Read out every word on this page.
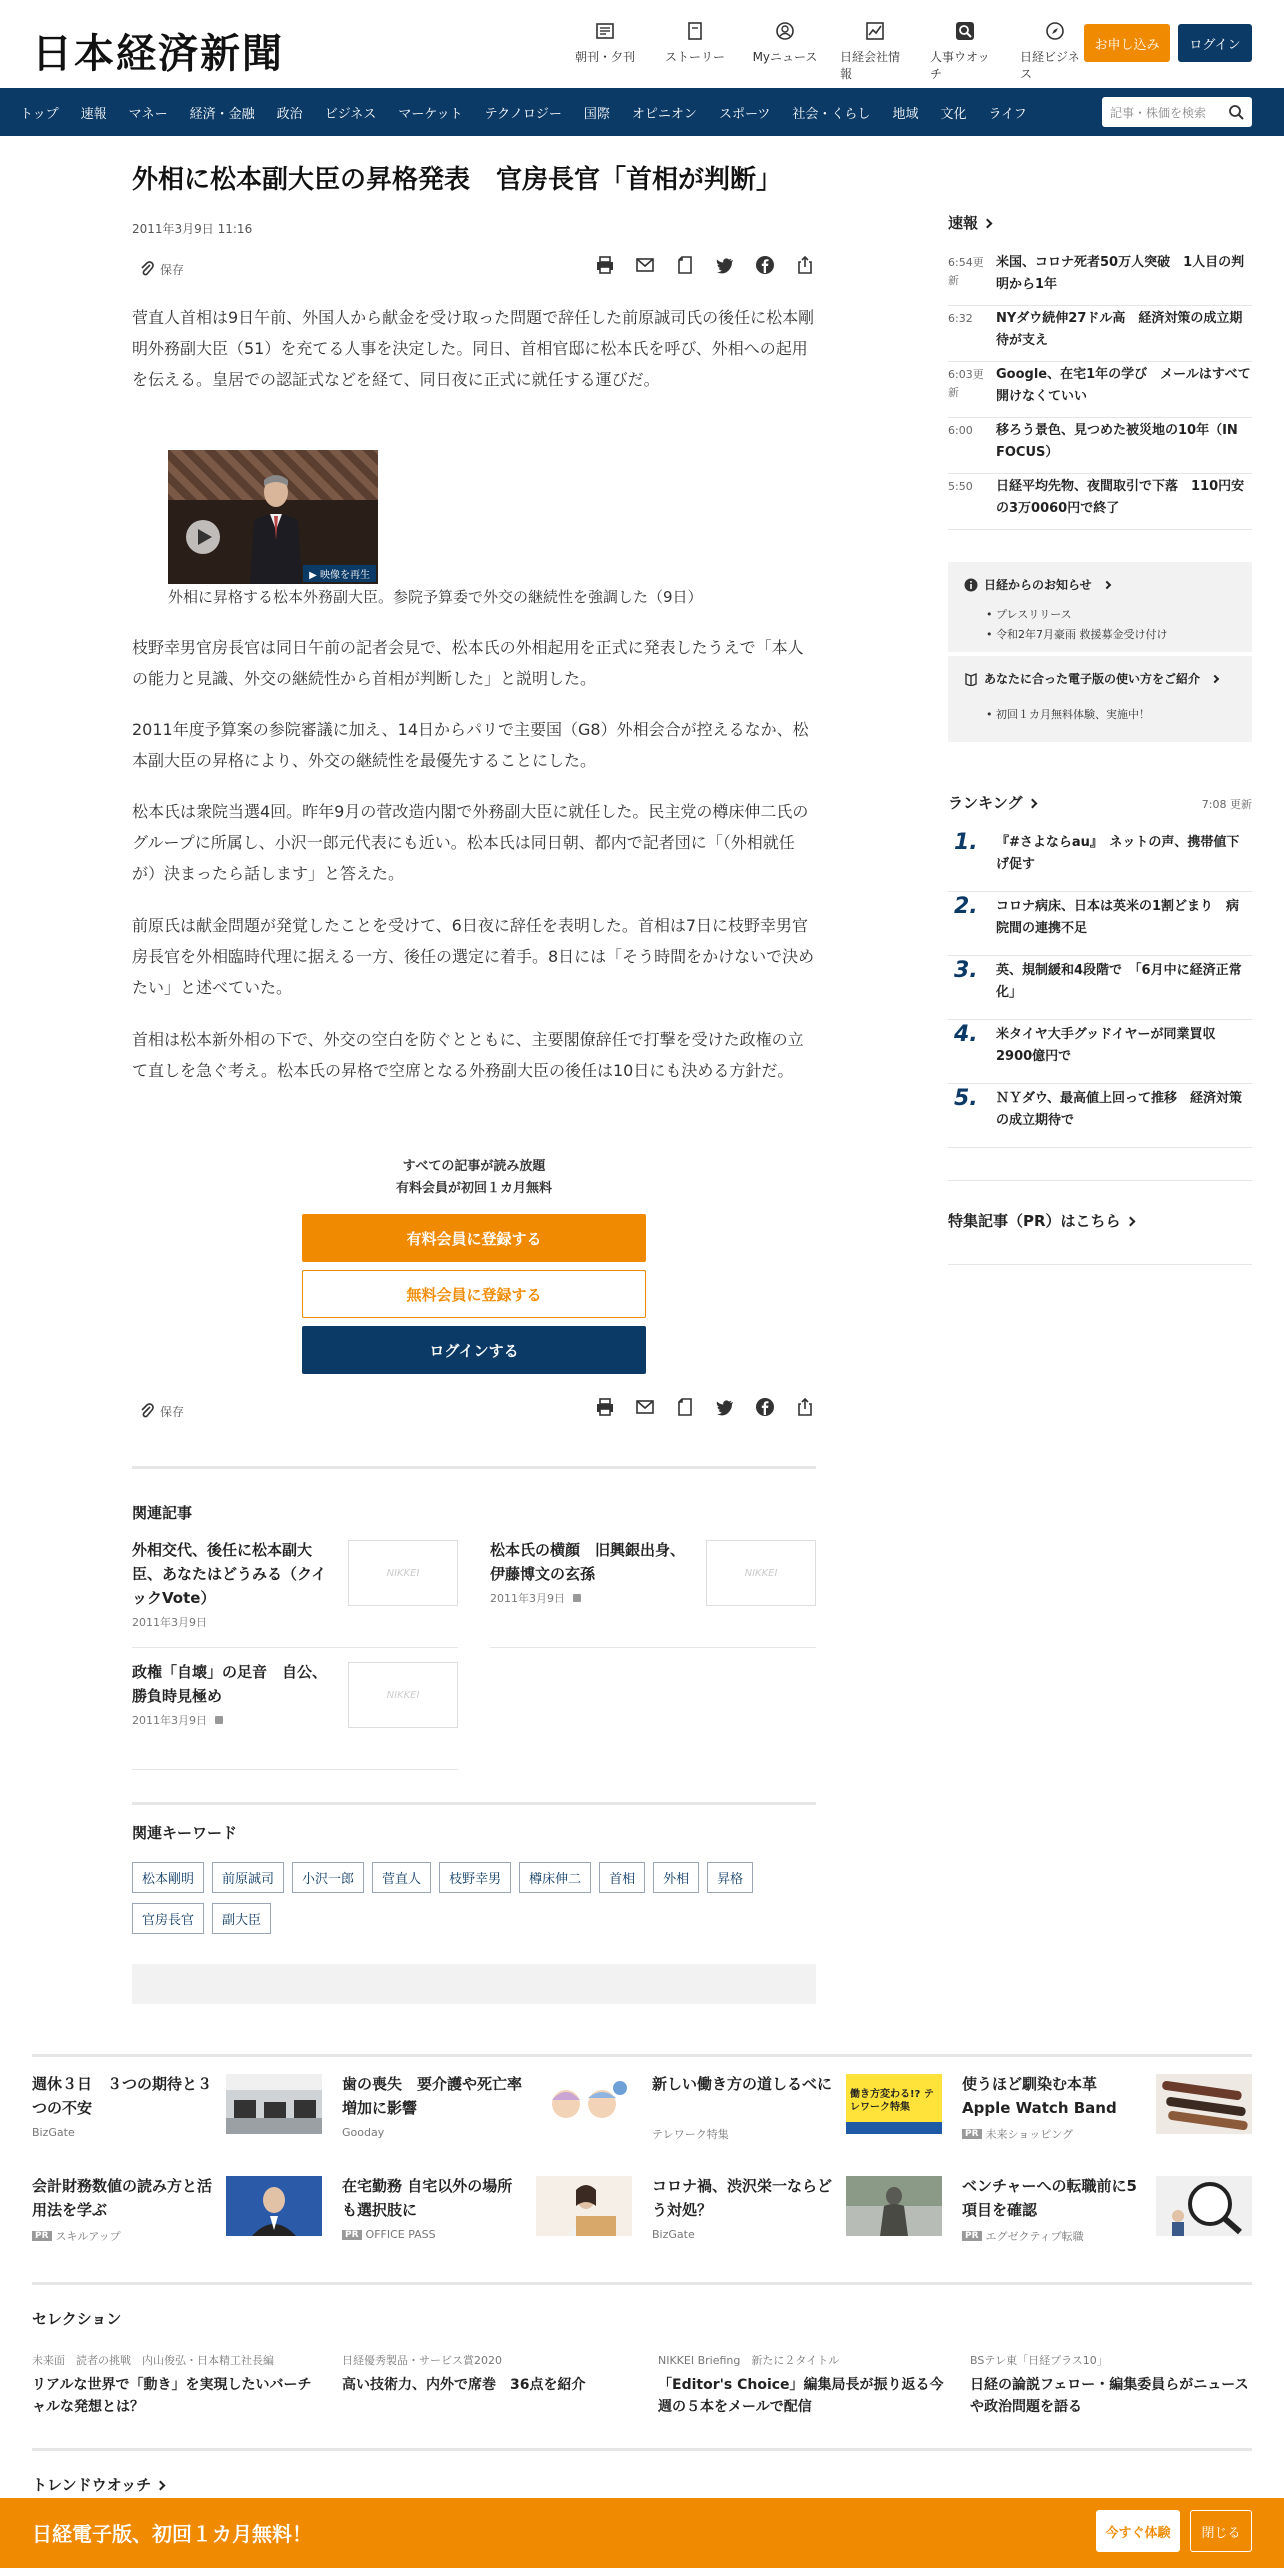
日本経済新聞	朝刊・夕刊 ストーリー Myニュース 日経会社情報
人事ウオッチ
日経ビジネス
お申し込み	ログイン
トップ 速報 マネー 経済・金融 政治 ビジネス マーケット テクノロジー 国際 オピニオン スポーツ 社会・くらし 地域 文化 ライフ	記事・株価を検索
外相に松本副大臣の昇格発表　官房長官「首相が判断」
2011年3月9日 11:16
保存

菅直人首相は9日午前、外国人から献金を受け取った問題で辞任した前原誠司氏の後任に松本剛明外務副大臣（51）を充てる人事を決定した。同日、首相官邸に松本氏を呼び、外相への起用を伝える。皇居での認証式などを経て、同日夜に正式に就任する運びだ。

▶ 映像を再生
外相に昇格する松本外務副大臣。参院予算委で外交の継続性を強調した（9日）

枝野幸男官房長官は同日午前の記者会見で、松本氏の外相起用を正式に発表したうえで「本人の能力と見識、外交の継続性から首相が判断した」と説明した。

2011年度予算案の参院審議に加え、14日からパリで主要国（G8）外相会合が控えるなか、松本副大臣の昇格により、外交の継続性を最優先することにした。

松本氏は衆院当選4回。昨年9月の菅改造内閣で外務副大臣に就任した。民主党の樽床伸二氏のグループに所属し、小沢一郎元代表にも近い。松本氏は同日朝、都内で記者団に「（外相就任が）決まったら話します」と答えた。

前原氏は献金問題が発覚したことを受けて、6日夜に辞任を表明した。首相は7日に枝野幸男官房長官を外相臨時代理に据える一方、後任の選定に着手。8日には「そう時間をかけないで決めたい」と述べていた。

首相は松本新外相の下で、外交の空白を防ぐとともに、主要閣僚辞任で打撃を受けた政権の立て直しを急ぐ考え。松本氏の昇格で空席となる外務副大臣の後任は10日にも決める方針だ。

すべての記事が読み放題
有料会員が初回１カ月無料
有料会員に登録する
無料会員に登録する
ログインする
保存
関連記事
外相交代、後任に松本副大臣、あなたはどうみる（クイックVote）
2011年3月9日
NIKKEI
松本氏の横顔　旧興銀出身、伊藤博文の玄孫
2011年3月9日
NIKKEI
政権「自壊」の足音　自公、勝負時見極め
2011年3月9日
NIKKEI
関連キーワード
松本剛明	前原誠司	小沢一郎	菅直人	枝野幸男	樽床伸二	首相	外相	昇格
官房長官	副大臣
速報
6:54更新
米国、コロナ死者50万人突破　1人目の判明から1年
6:32	NYダウ続伸27ドル高　経済対策の成立期待が支え
6:03更新
Google、在宅1年の学び　メールはすべて開けなくていい
6:00	移ろう景色、見つめた被災地の10年（IN FOCUS）
5:50	日経平均先物、夜間取引で下落　110円安の3万0060円で終了
日経からのお知らせ
• プレスリリース
• 令和2年7月豪雨 救援募金受け付け
あなたに合った電子版の使い方をご紹介
• 初回１カ月無料体験、実施中！
ランキング	7:08 更新
1. 『#さよならau』　ネットの声、携帯値下げ促す
2. コロナ病床、日本は英米の1割どまり　病院間の連携不足
3. 英、規制緩和4段階で　「6月中に経済正常化」
4. 米タイヤ大手グッドイヤーが同業買収 2900億円で
5. ＮＹダウ、最高値上回って推移　経済対策の成立期待で
特集記事（PR）はこちら
週休３日　３つの期待と３つの不安
BizGate
歯の喪失　要介護や死亡率増加に影響
Gooday
新しい働き方の道しるべに
テレワーク特集
働き方変わる!? テレワーク特集
使うほど馴染む本革 Apple Watch Band
PR 未来ショッピング
会計財務数値の読み方と活用法を学ぶ
PR スキルアップ
在宅勤務 自宅以外の場所も選択肢に
PR OFFICE PASS
コロナ禍、渋沢栄一ならどう対処？
BizGate
ベンチャーへの転職前に5項目を確認
PR エグゼクティブ転職
セレクション
未来面　読者の挑戦　内山俊弘・日本精工社長編
リアルな世界で「動き」を実現したいバーチャルな発想とは？
日経優秀製品・サービス賞2020
高い技術力、内外で席巻　36点を紹介
NIKKEI Briefing　新たに２タイトル
「Editor's Choice」編集局長が振り返る今週の５本をメールで配信
BSテレ東「日経プラス10」
日経の論説フェロー・編集委員らがニュースや政治問題を語る
トレンドウオッチ
日経電子版、初回１カ月無料！	今すぐ体験	閉じる
